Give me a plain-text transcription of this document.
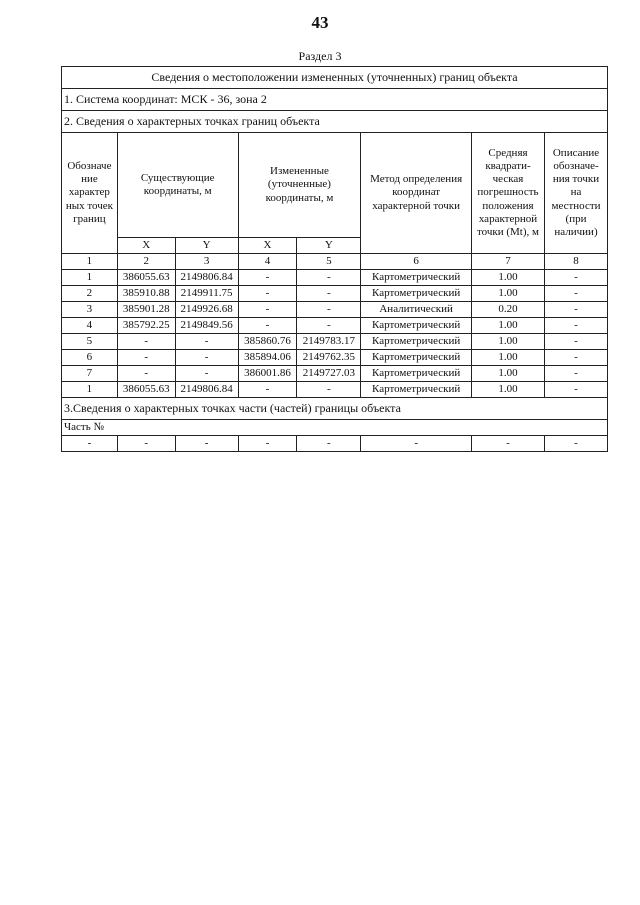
43
Раздел 3
Сведения о местоположении измененных (уточненных) границ объекта							
1. Система координат: МСК - 36, зона 2							
2. Сведения о характерных точках границ объекта							
Обозначе ние характер ных точек границ	Существующие координаты, м		Измененные (уточненные) координаты, м		Метод определения координат характерной точки	Средняя квадрати- ческая погрешность положения характерной точки (Mt), м	Описание обозначе- ния точки на местности (при наличии)
	X	Y	X	Y			
1	2	3	4	5	6	7	8
1	386055.63	2149806.84	-	-	Картометрический	1.00	-
2	385910.88	2149911.75	-	-	Картометрический	1.00	-
3	385901.28	2149926.68	-	-	Аналитический	0.20	-
4	385792.25	2149849.56	-	-	Картометрический	1.00	-
5	-	-	385860.76	2149783.17	Картометрический	1.00	-
6	-	-	385894.06	2149762.35	Картометрический	1.00	-
7	-	-	386001.86	2149727.03	Картометрический	1.00	-
1	386055.63	2149806.84	-	-	Картометрический	1.00	-
3.Сведения о характерных точках части (частей) границы объекта							
Часть №							
-	-	-	-	-	-	-	-
